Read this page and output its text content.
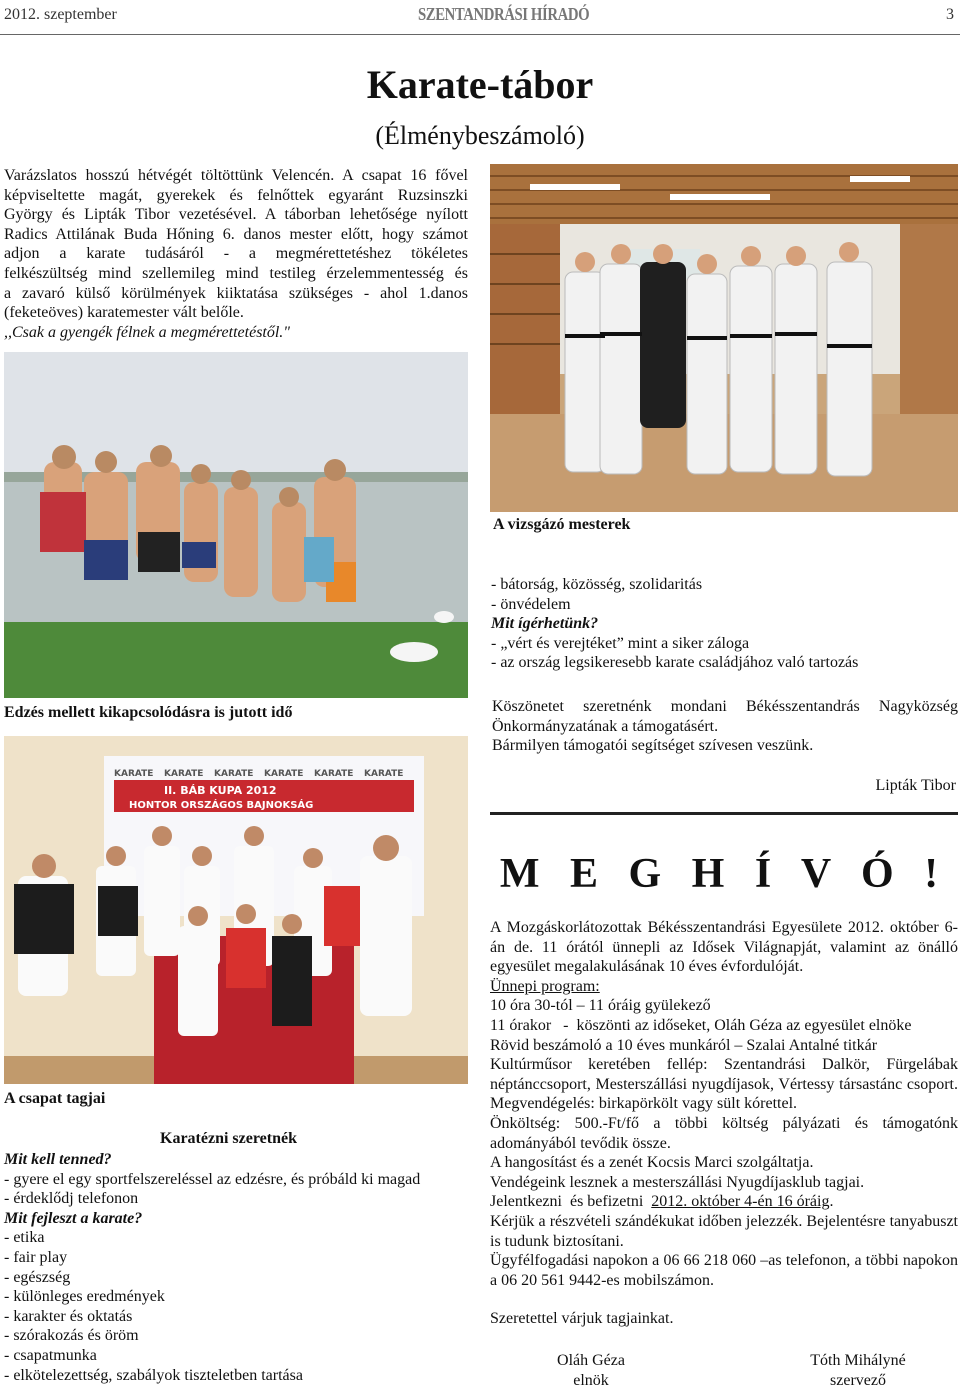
2012. szeptember	SZENTANDRÁSI HÍRADÓ	3
Karate-tábor
(Élménybeszámoló)
Varázslatos hosszú hétvégét töltöttünk Velencén. A csapat 16 fővel
képviseltette magát, gyerekek és felnőttek egyaránt Ruzsinszki
György és Lipták Tibor vezetésével. A táborban lehetősége nyílott
Radics Attilának Buda Hőning 6. danos mester előtt, hogy számot
adjon a karate tudásáról - a megmérettetéshez tökéletes
felkészültség mind szellemileg mind testileg érzelemmentesség és
a zavaró külső körülmények kiiktatása szükséges - ahol 1.danos
(feketeöves) karatemester vált belőle.
,,Csak a gyengék félnek a megmérettetéstől."
A vizsgázó mesterek
Edzés mellett kikapcsolódásra is jutott idő
- bátorság, közösség, szolidaritás
- önvédelem
Mit ígérhetünk?
- „vért és verejtéket” mint a siker záloga
- az ország legsikeresebb karate családjához való tartozás
Köszönetet szeretnénk mondani Békésszentandrás Nagyközség
Önkormányzatának a támogatásért.
Bármilyen támogatói segítséget szívesen veszünk.
Lipták Tibor
KARATE KARATE KARATE KARATE KARATE KARATE
II. BÁB KUPA 2012
HONTOR ORSZÁGOS BAJNOKSÁG
A csapat tagjai
Karatézni szeretnék
Mit kell tenned?
- gyere el egy sportfelszereléssel az edzésre, és próbáld ki magad
- érdeklődj telefonon
Mit fejleszt a karate?
- etika
- fair play
- egészség
- különleges eredmények
- karakter és oktatás
- szórakozás és öröm
- csapatmunka
- elkötelezettség, szabályok tiszteletben tartása
M E G H Í V Ó !
A Mozgáskorlátozottak Békésszentandrási Egyesülete 2012. október 6-án de. 11 órától ünnepli az Idősek Világnapját, valamint az önálló egyesület megalakulásának 10 éves évfordulóját.
Ünnepi program:
10 óra 30-tól – 11 óráig gyülekező
11 órakor   -  köszönti az időseket, Oláh Géza az egyesület elnöke
Rövid beszámoló a 10 éves munkáról – Szalai Antalné titkár
Kultúrműsor keretében fellép: Szentandrási Dalkör, Fürgelábak néptánccsoport, Mesterszállási nyugdíjasok, Vértessy társastánc csoport. Megvendégelés: birkapörkölt vagy sült kórettel.
Önköltség: 500.-Ft/fő a többi költség pályázati és támogatónk adományából tevődik össze.
A hangosítást és a zenét Kocsis Marci szolgáltatja.
Vendégeink lesznek a mesterszállási Nyugdíjasklub tagjai.
Jelentkezni  és befizetni  2012. október 4-én 16 óráig.
Kérjük a részvételi szándékukat időben jelezzék. Bejelentésre tanyabuszt is tudunk biztosítani.
Ügyfélfogadási napokon a 06 66 218 060 –as telefonon, a többi napokon a 06 20 561 9442-es mobilszámon.
Szeretettel várjuk tagjainkat.
Oláh Géza
elnök
Tóth Mihályné
szervező
